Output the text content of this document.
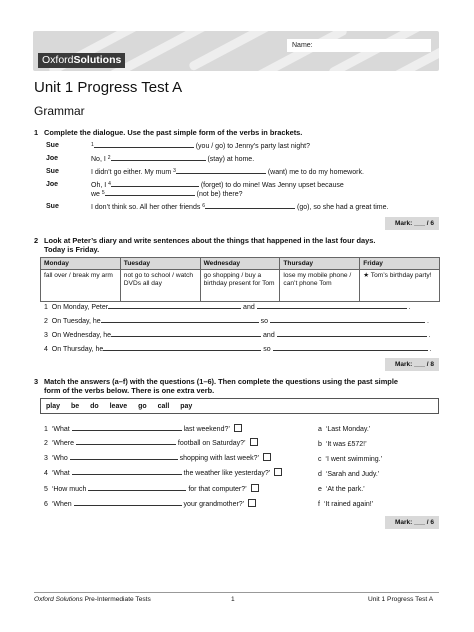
OxfordSolutions
Name:
Unit 1 Progress Test A
Grammar
1 Complete the dialogue. Use the past simple form of the verbs in brackets.
Sue	$^1$	(you / go) to Jenny’s party last night?
Joe	No, I $^2$	(stay) at home.
Sue	I didn’t go either. My mum $^3$	(want) me to do my homework.
Joe	Oh, I $^4$	(forget) to do mine! Was Jenny upset because
we $^5$	(not be) there?
Sue	I don’t think so. All her other friends $^6$	(go), so she had a great time.
Mark: ___ / 6
2 Look at Peter’s diary and write sentences about the things that happened in the last four days.
Today is Friday.
Monday	Tuesday	Wednesday	Thursday	Friday
fall over / break my arm	not go to school / watch DVDs all day	go shopping / buy a birthday present for Tom	lose my mobile phone / can’t phone Tom	★ Tom’s birthday party!
1 On Monday, Peter	and	.
2 On Tuesday, he	so	.
3 On Wednesday, he	and	.
4 On Thursday, he	so	.
Mark: ___ / 8
3 Match the answers (a–f) with the questions (1–6). Then complete the questions using the past simple
form of the verbs below. There is one extra verb.
play be do leave go call pay
1 ‘What	last weekend?’
2 ‘Where	football on Saturday?’
3 ‘Who	shopping with last week?’
4 ‘What	the weather like yesterday?’
5 ‘How much	for that computer?’
6 ‘When	your grandmother?’
a ‘Last Monday.’
b ‘It was £572!’
c ‘I went swimming.’
d ‘Sarah and Judy.’
e ‘At the park.’
f ‘It rained again!’
Mark: ___ / 6
Oxford Solutions Pre-Intermediate Tests	1	Unit 1 Progress Test A
